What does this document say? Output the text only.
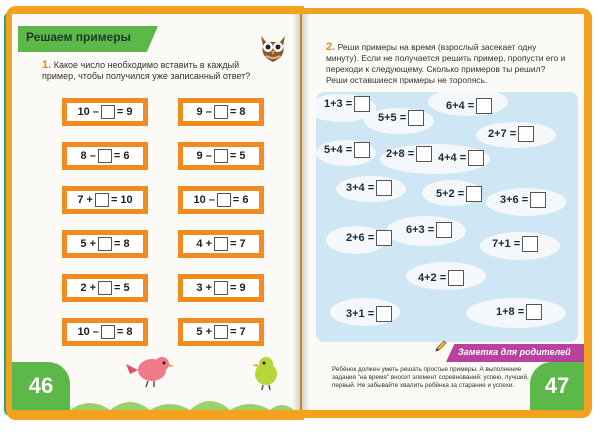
Решаем примеры
1. Какое число необходимо вставить в каждый пример, чтобы получился уже записанный ответ?
10 – = 9
8 – = 6
7 + = 10
5 + = 8
2 + = 5
10 – = 8
9 – = 8
9 – = 5
10 – = 6
4 + = 7
3 + = 9
5 + = 7
46
2. Реши примеры на время (взрослый засекает одну минуту). Если не получается решить пример, пропусти его и переходи к следующему. Сколько примеров ты решил? Реши оставшиеся примеры не торопясь.
1+3 =	6+4 =
5+5 =
2+7 =
5+4 =	2+8 = 4+4 =
3+4 =	5+2 =	3+6 =
6+3 =
2+6 =	7+1 =
4+2 =
3+1 =	1+8 =
Заметка для родителей
Ребёнок должен уметь решать простые примеры. А выполнение задания "на время" вносит элемент соревнований: успею, лучший, первый. Не забывайте хвалить ребёнка за старание и успехи.	47
